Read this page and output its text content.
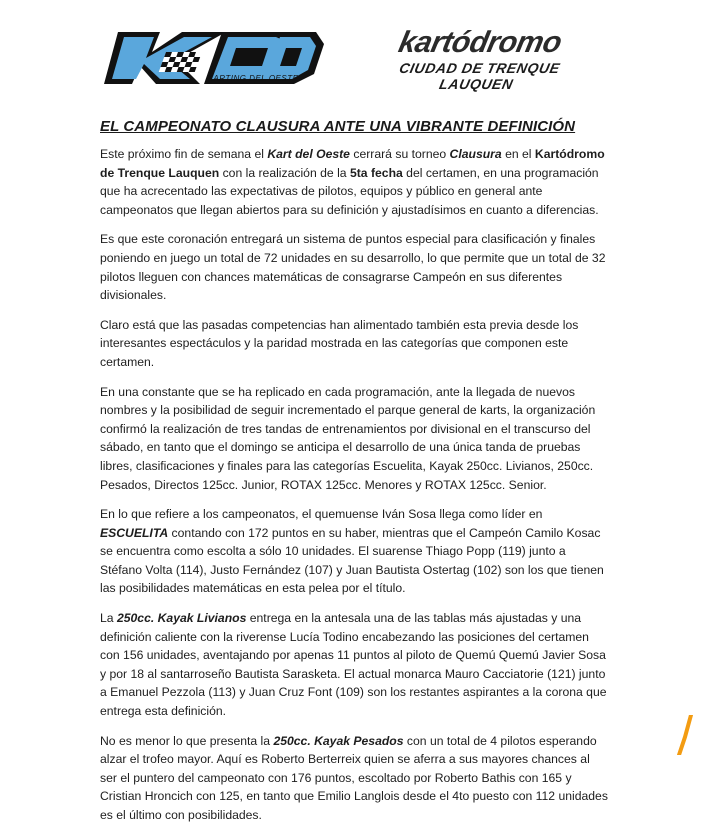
KARTING DEL OESTE
kartódromo
CIUDAD DE TRENQUE LAUQUEN
EL CAMPEONATO CLAUSURA ANTE UNA VIBRANTE DEFINICIÓN

Este próximo fin de semana el Kart del Oeste cerrará su torneo Clausura en el Kartódromo de Trenque Lauquen con la realización de la 5ta fecha del certamen, en una programación que ha acrecentado las expectativas de pilotos, equipos y público en general ante campeonatos que llegan abiertos para su definición y ajustadísimos en cuanto a diferencias.

Es que este coronación entregará un sistema de puntos especial para clasificación y finales poniendo en juego un total de 72 unidades en su desarrollo, lo que permite que un total de 32 pilotos lleguen con chances matemáticas de consagrarse Campeón en sus diferentes divisionales.

Claro está que las pasadas competencias han alimentado también esta previa desde los interesantes espectáculos y la paridad mostrada en las categorías que componen este certamen.

En una constante que se ha replicado en cada programación, ante la llegada de nuevos nombres y la posibilidad de seguir incrementado el parque general de karts, la organización confirmó la realización de tres tandas de entrenamientos por divisional en el transcurso del sábado, en tanto que el domingo se anticipa el desarrollo de una única tanda de pruebas libres, clasificaciones y finales para las categorías Escuelita, Kayak 250cc. Livianos, 250cc. Pesados, Directos 125cc. Junior, ROTAX 125cc. Menores y ROTAX 125cc. Senior.

En lo que refiere a los campeonatos, el quemuense Iván Sosa llega como líder en ESCUELITA contando con 172 puntos en su haber, mientras que el Campeón Camilo Kosac se encuentra como escolta a sólo 10 unidades. El suarense Thiago Popp (119) junto a Stéfano Volta (114), Justo Fernández (107) y Juan Bautista Ostertag (102) son los que tienen las posibilidades matemáticas en esta pelea por el título.

La 250cc. Kayak Livianos entrega en la antesala una de las tablas más ajustadas y una definición caliente con la riverense Lucía Todino encabezando las posiciones del certamen con 156 unidades, aventajando por apenas 11 puntos al piloto de Quemú Quemú Javier Sosa y por 18 al santarroseño Bautista Sarasketa. El actual monarca Mauro Cacciatorie (121) junto a Emanuel Pezzola (113) y Juan Cruz Font (109) son los restantes aspirantes a la corona que entrega esta definición.

No es menor lo que presenta la 250cc. Kayak Pesados con un total de 4 pilotos esperando alzar el trofeo mayor. Aquí es Roberto Berterreix quien se aferra a sus mayores chances al ser el puntero del campeonato con 176 puntos, escoltado por Roberto Bathis con 165 y Cristian Hroncich con 125, en tanto que Emilio Langlois desde el 4to puesto con 112 unidades es el último con posibilidades.
